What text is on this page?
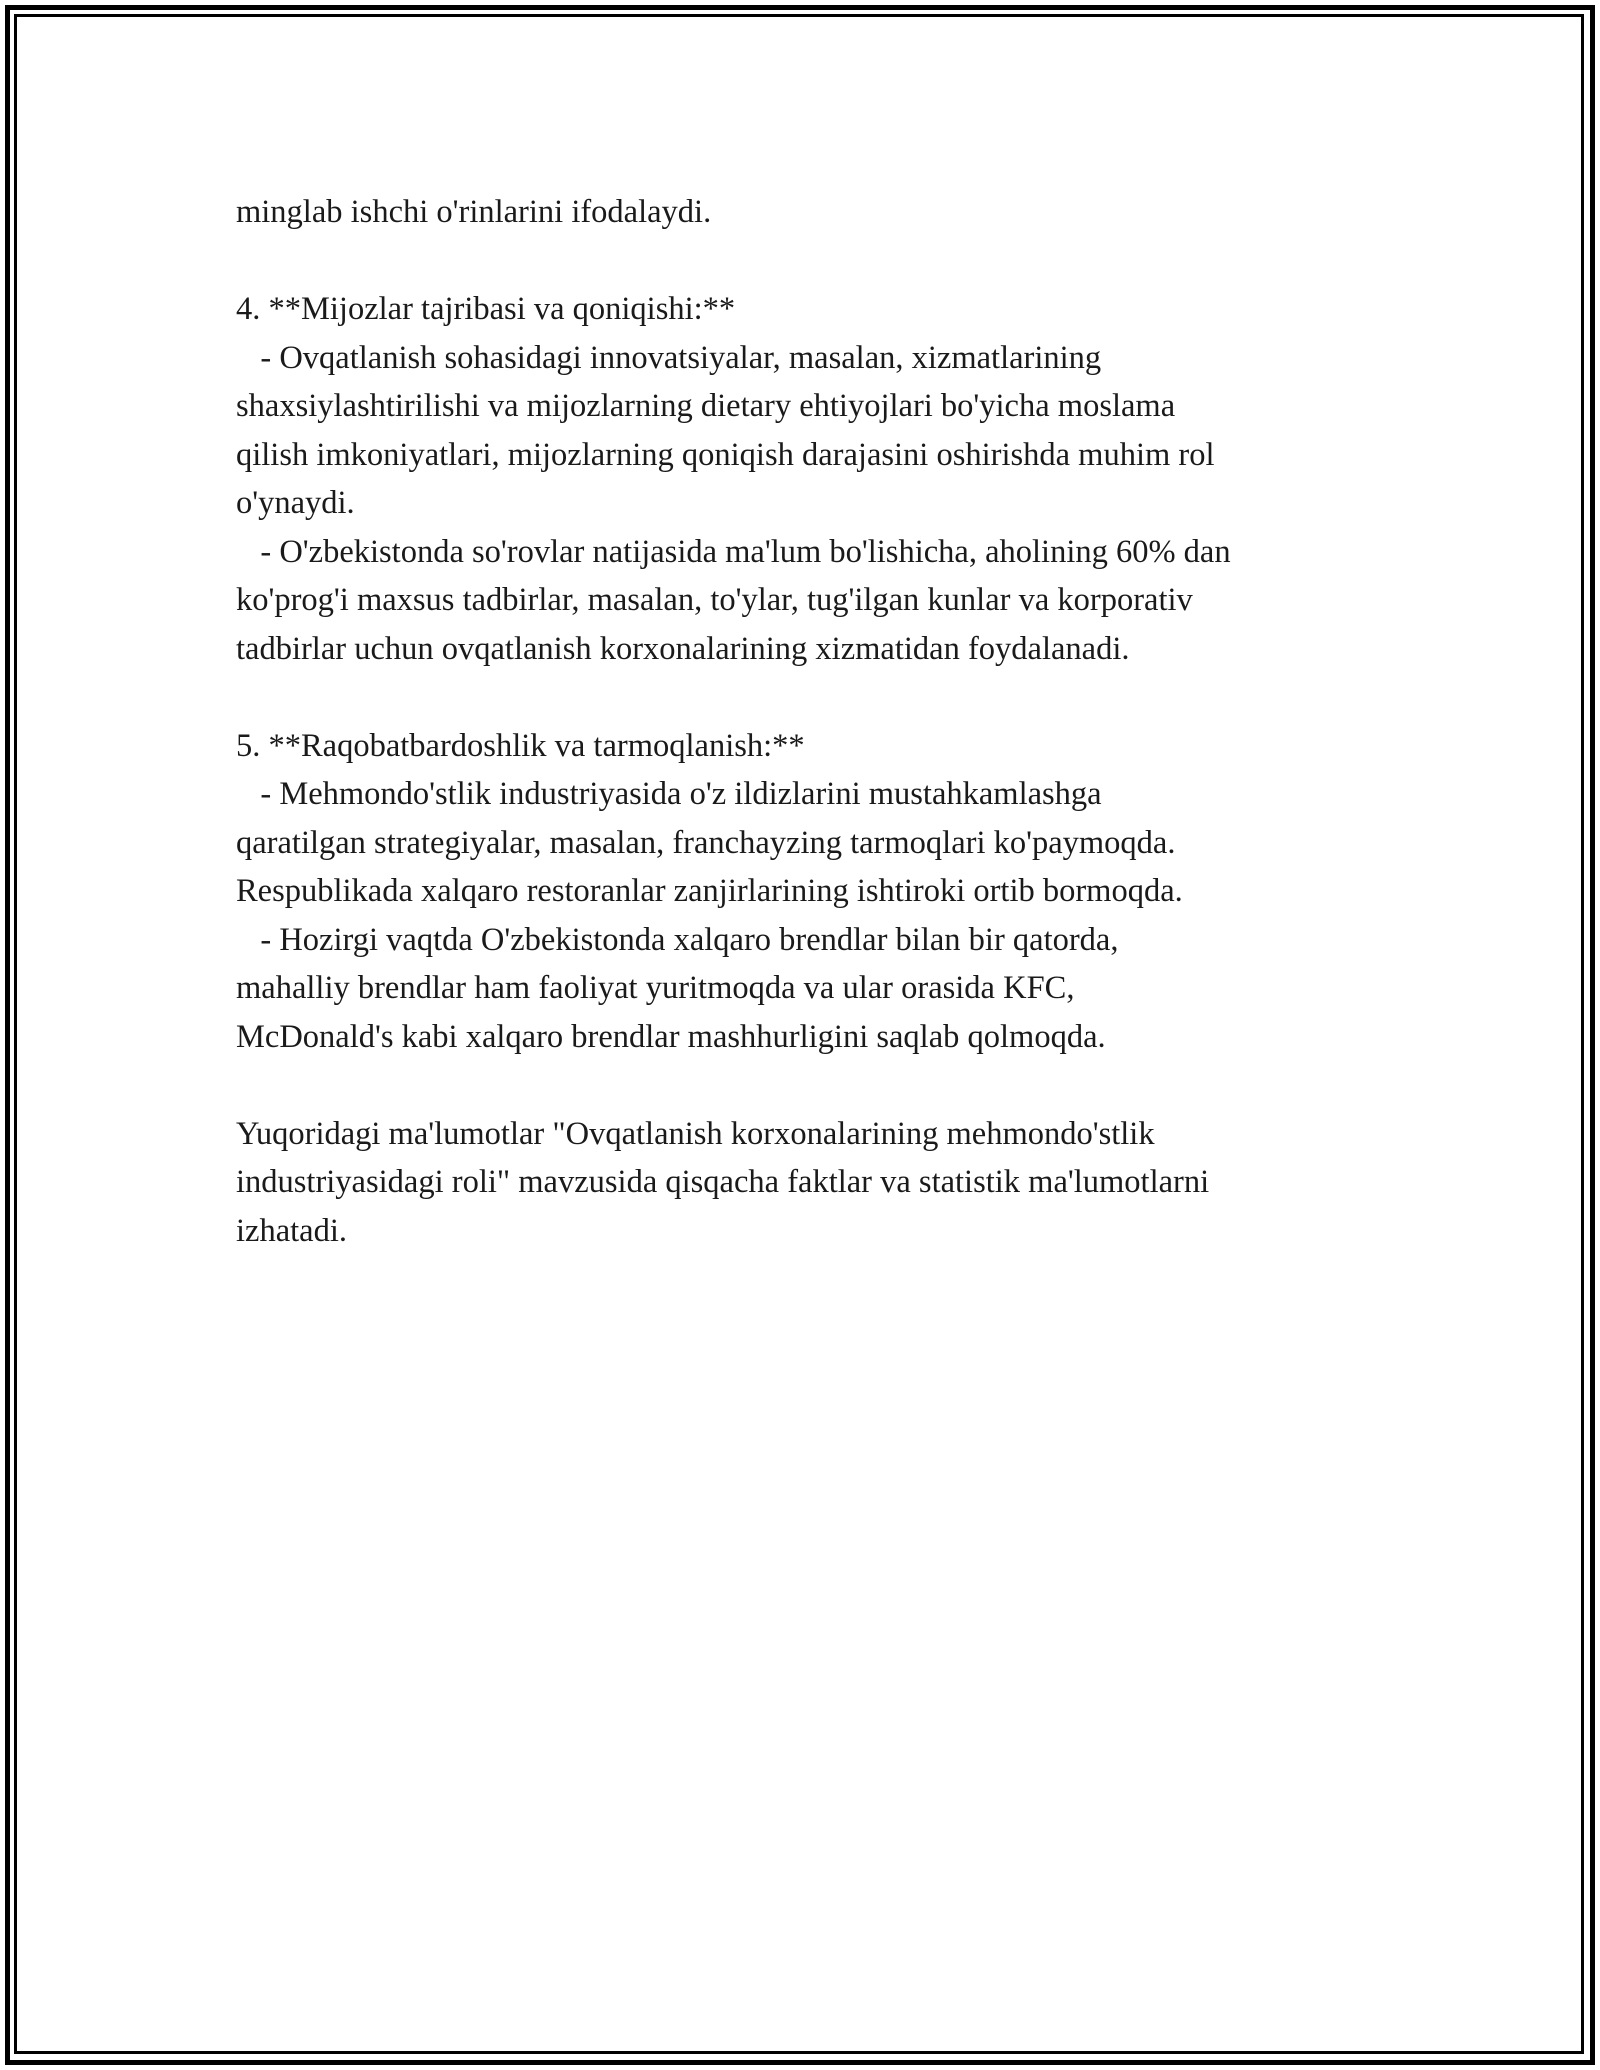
minglab ishchi o'rinlarini ifodalaydi.

4. **Mijozlar tajribasi va qoniqishi:**

- Ovqatlanish sohasidagi innovatsiyalar, masalan, xizmatlarining

shaxsiylashtirilishi va mijozlarning dietary ehtiyojlari bo'yicha moslama

qilish imkoniyatlari, mijozlarning qoniqish darajasini oshirishda muhim rol

o'ynaydi.

- O'zbekistonda so'rovlar natijasida ma'lum bo'lishicha, aholining 60% dan

ko'prog'i maxsus tadbirlar, masalan, to'ylar, tug'ilgan kunlar va korporativ

tadbirlar uchun ovqatlanish korxonalarining xizmatidan foydalanadi.

5. **Raqobatbardoshlik va tarmoqlanish:**

- Mehmondo'stlik industriyasida o'z ildizlarini mustahkamlashga

qaratilgan strategiyalar, masalan, franchayzing tarmoqlari ko'paymoqda.

Respublikada xalqaro restoranlar zanjirlarining ishtiroki ortib bormoqda.

- Hozirgi vaqtda O'zbekistonda xalqaro brendlar bilan bir qatorda,

mahalliy brendlar ham faoliyat yuritmoqda va ular orasida KFC,

McDonald's kabi xalqaro brendlar mashhurligini saqlab qolmoqda.

Yuqoridagi ma'lumotlar "Ovqatlanish korxonalarining mehmondo'stlik

industriyasidagi roli" mavzusida qisqacha faktlar va statistik ma'lumotlarni

izhatadi.
